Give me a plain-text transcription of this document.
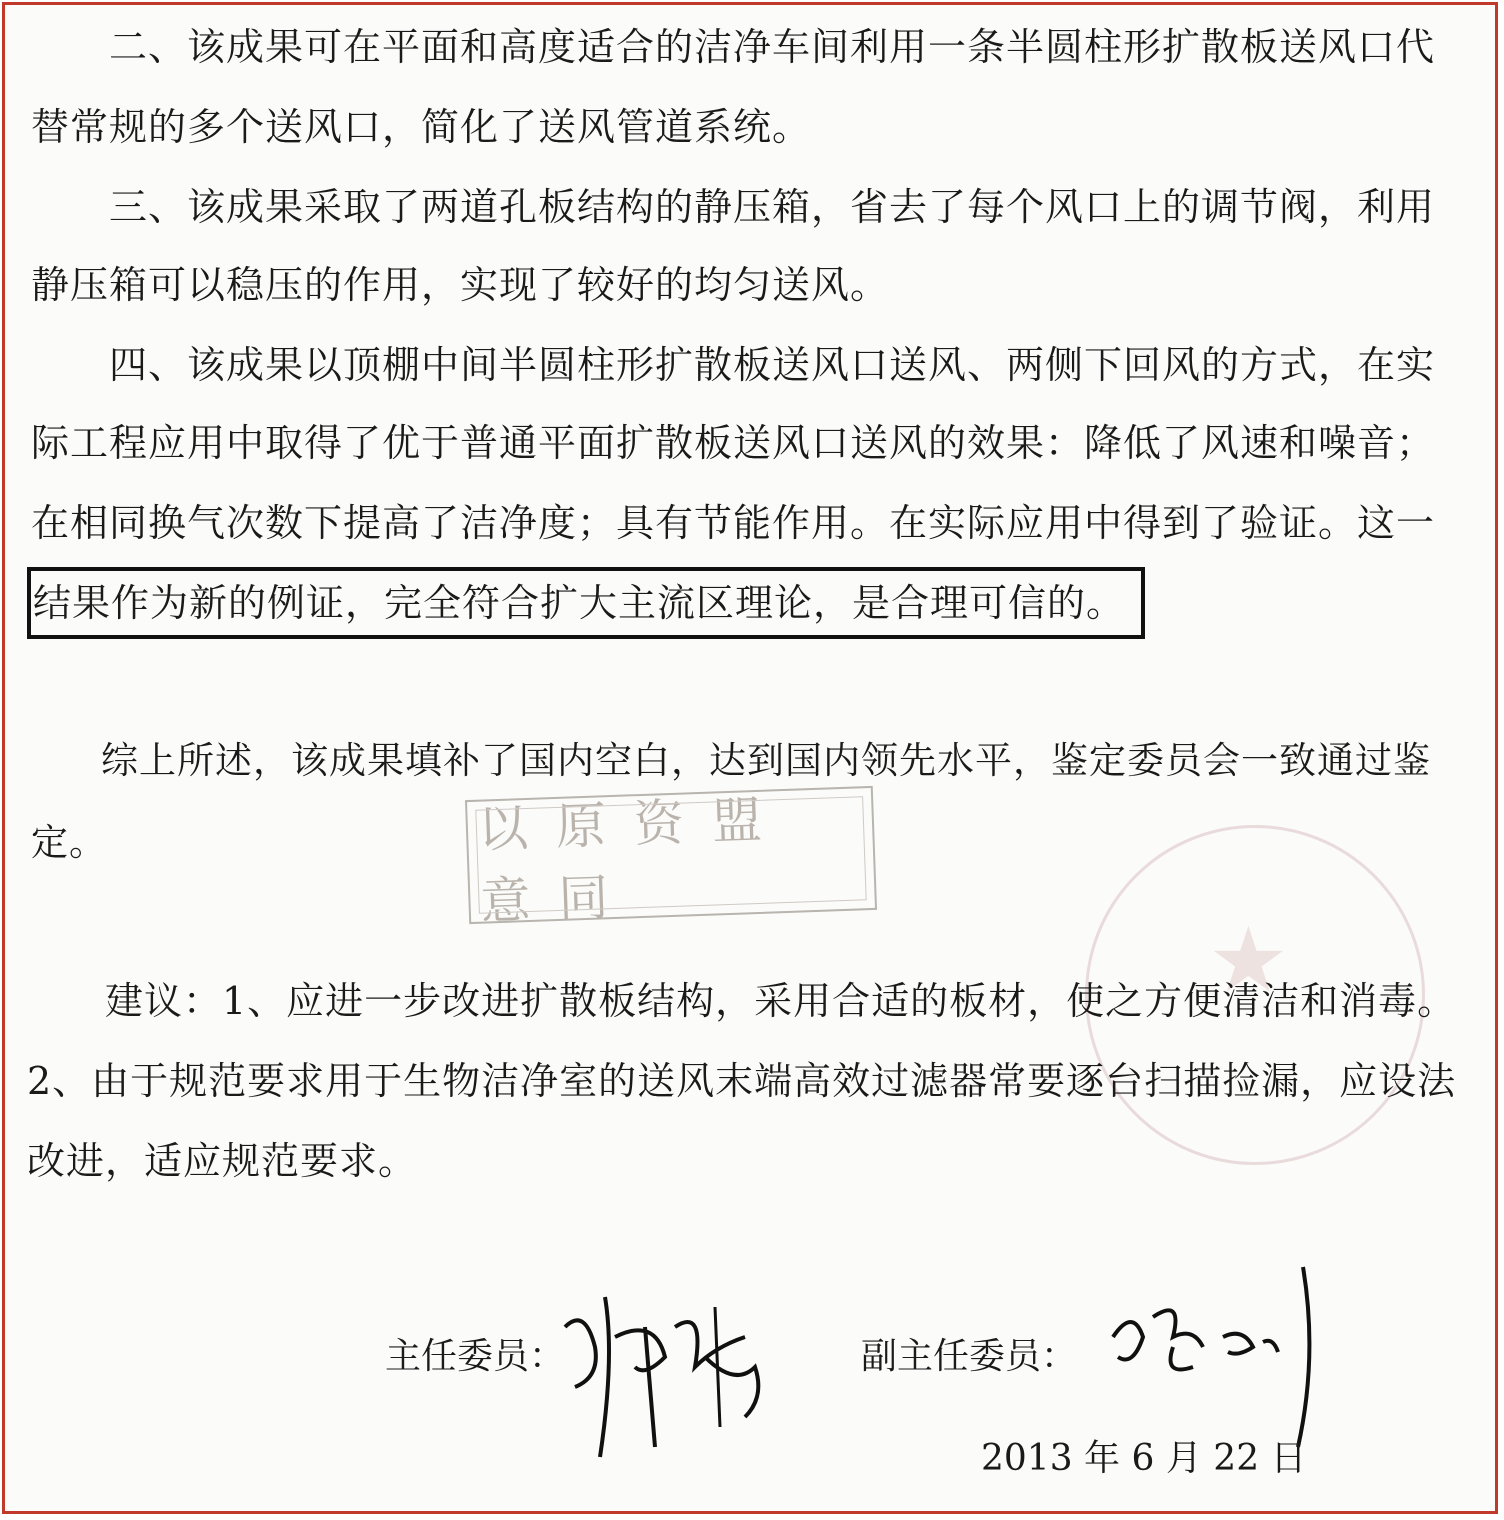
二、该成果可在平面和高度适合的洁净车间利用一条半圆柱形扩散板送风口代
替常规的多个送风口，简化了送风管道系统。
三、该成果采取了两道孔板结构的静压箱，省去了每个风口上的调节阀，利用
静压箱可以稳压的作用，实现了较好的均匀送风。
四、该成果以顶棚中间半圆柱形扩散板送风口送风、两侧下回风的方式，在实
际工程应用中取得了优于普通平面扩散板送风口送风的效果：降低了风速和噪音；
在相同换气次数下提高了洁净度；具有节能作用。在实际应用中得到了验证。这一
结果作为新的例证，完全符合扩大主流区理论，是合理可信的。
综上所述，该成果填补了国内空白，达到国内领先水平，鉴定委员会一致通过鉴
定。	以原资盟意同
★
建议：1、应进一步改进扩散板结构，采用合适的板材，使之方便清洁和消毒。
2、由于规范要求用于生物洁净室的送风末端高效过滤器常要逐台扫描捡漏，应设法
改进，适应规范要求。
主任委员：	副主任委员：
2013 年 6 月 22 日
